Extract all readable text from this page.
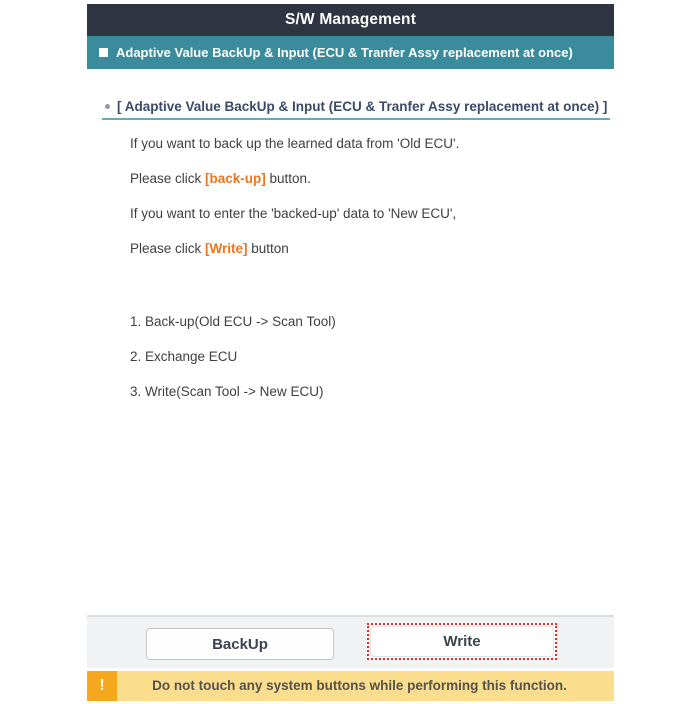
S/W Management
Adaptive Value BackUp & Input (ECU & Tranfer Assy replacement at once)
[ Adaptive Value BackUp & Input (ECU & Tranfer Assy replacement at once) ]

If you want to back up the learned data from 'Old ECU'.

Please click [back-up] button.

If you want to enter the 'backed-up' data to 'New ECU',

Please click [Write] button

1. Back-up(Old ECU -> Scan Tool)

2. Exchange ECU

3. Write(Scan Tool -> New ECU)

BackUp	Write
!	Do not touch any system buttons while performing this function.
